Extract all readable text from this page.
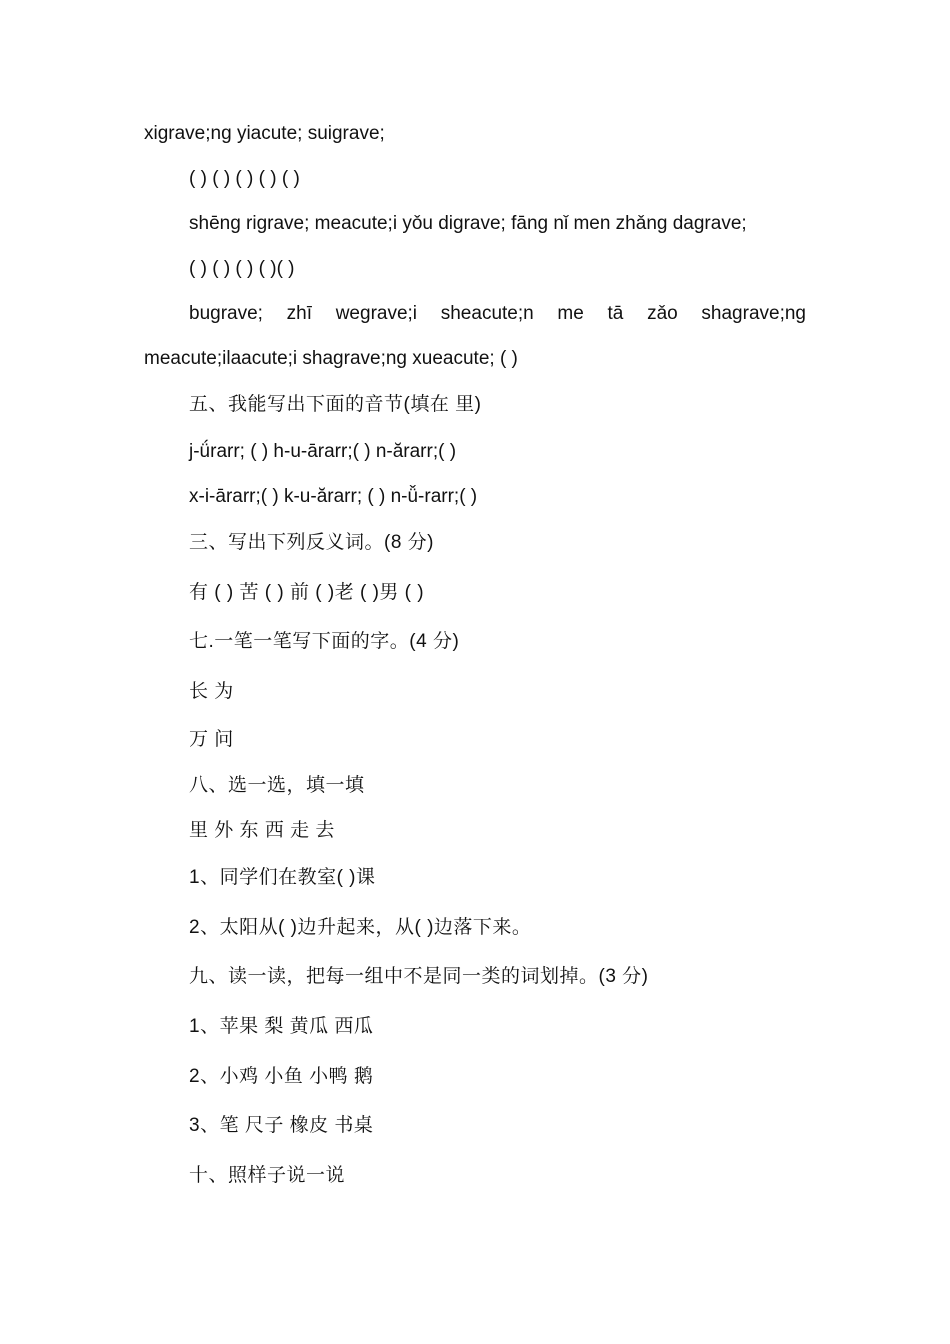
xigrave;ng yiacute; suigrave;

( ) ( ) ( ) ( ) ( )

shēng rigrave; meacute;i yǒu digrave; fāng nǐ men zhǎng dagrave;

( ) ( ) ( ) ( )( )

bugrave; zhī wegrave;i sheacute;n me tā zǎo shagrave;ng

meacute;ilaacute;i shagrave;ng xueacute; ( )

五、我能写出下面的音节(填在 里)

j-ǘrarr; ( ) h-u-ārarr;( ) n-ărarr;( )

x-i-ārarr;( ) k-u-ărarr; ( ) n-ǚ-rarr;( )

三、写出下列反义词。(8 分)

有 ( ) 苦 ( ) 前 ( )老 ( )男 ( )

七.一笔一笔写下面的字。(4 分)

长 为

万 问

八、选一选，填一填

里 外 东 西 走 去

1、同学们在教室( )课

2、太阳从( )边升起来，从( )边落下来。

九、读一读，把每一组中不是同一类的词划掉。(3 分)

1、苹果 梨 黄瓜 西瓜

2、小鸡 小鱼 小鸭 鹅

3、笔 尺子 橡皮 书桌

十、照样子说一说
